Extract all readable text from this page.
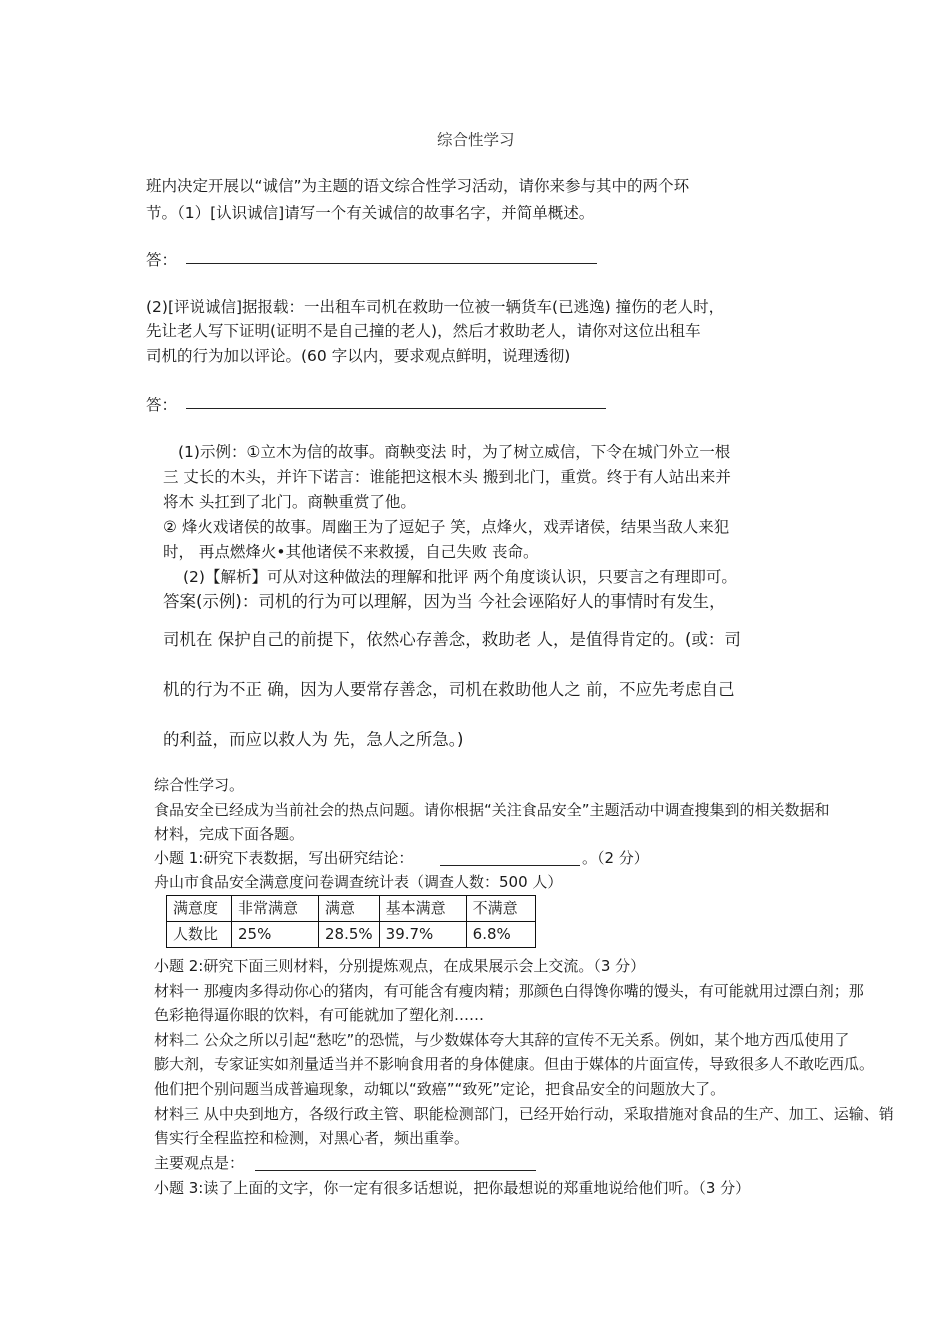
综合性学习
班内决定开展以“诚信”为主题的语文综合性学习活动，请你来参与其中的两个环
节。（1）[认识诚信]请写一个有关诚信的故事名字，并简单概述。
答：
(2)[评说诚信]据报载：一出租车司机在救助一位被一辆货车(已逃逸) 撞伤的老人时，
先让老人写下证明(证明不是自己撞的老人)，然后才救助老人，请你对这位出租车
司机的行为加以评论。(60 字以内，要求观点鲜明，说理透彻)
答：
(1)示例：①立木为信的故事。商鞅变法 时，为了树立威信，下令在城门外立一根
三 丈长的木头，并许下诺言：谁能把这根木头 搬到北门，重赏。终于有人站出来并
将木 头扛到了北门。商鞅重赏了他。
② 烽火戏诸侯的故事。周幽王为了逗妃子 笑，点烽火，戏弄诸侯，结果当敌人来犯
时， 再点燃烽火•其他诸侯不来救援，自己失败 丧命。
(2)【解析】可从对这种做法的理解和批评 两个角度谈认识，只要言之有理即可。
答案(示例)：司机的行为可以理解，因为当 今社会诬陷好人的事情时有发生，
司机在 保护自己的前提下，依然心存善念，救助老 人，是值得肯定的。(或：司
机的行为不正 确，因为人要常存善念，司机在救助他人之 前，不应先考虑自己
的利益，而应以救人为 先，急人之所急。)
综合性学习。
食品安全已经成为当前社会的热点问题。请你根据“关注食品安全”主题活动中调查搜集到的相关数据和
材料，完成下面各题。
小题 1:研究下表数据，写出研究结论：	。（2 分）
舟山市食品安全满意度问卷调查统计表（调查人数：500 人）
满意度	非常满意	满意	基本满意	不满意
人数比	25%	28.5%	39.7%	6.8%
小题 2:研究下面三则材料，分别提炼观点，在成果展示会上交流。（3 分）
材料一 那瘦肉多得动你心的猪肉，有可能含有瘦肉精；那颜色白得馋你嘴的馒头，有可能就用过漂白剂；那
色彩艳得逼你眼的饮料，有可能就加了塑化剂……
材料二 公众之所以引起“愁吃”的恐慌，与少数媒体夸大其辞的宣传不无关系。例如，某个地方西瓜使用了
膨大剂，专家证实如剂量适当并不影响食用者的身体健康。但由于媒体的片面宣传，导致很多人不敢吃西瓜。
他们把个别问题当成普遍现象，动辄以“致癌”“致死”定论，把食品安全的问题放大了。
材料三 从中央到地方，各级行政主管、职能检测部门，已经开始行动，采取措施对食品的生产、加工、运输、销
售实行全程监控和检测，对黑心者，频出重拳。
主要观点是：
小题 3:读了上面的文字，你一定有很多话想说，把你最想说的郑重地说给他们听。（3 分）
